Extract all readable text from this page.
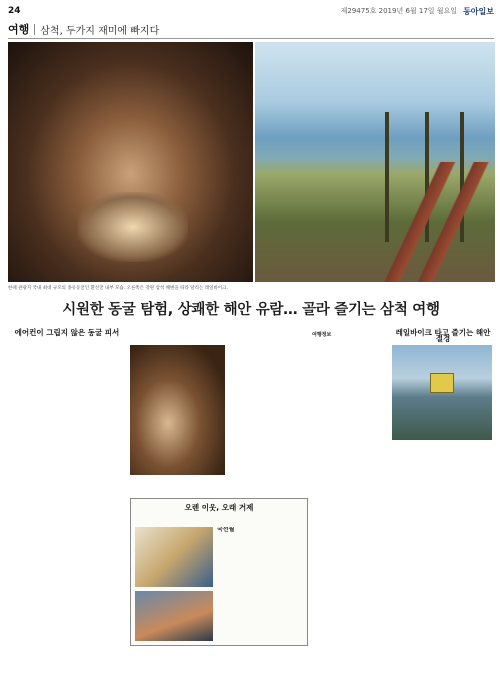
24	제29475호 2019년 6월 17일 월요일 동아일보
여행 삼척, 두가지 재미에 빠지다
한때 관광지 국내 최대 규모의 종유동굴인 환선굴 내부 모습. 오른쪽은 강원 삼척 해변을 따라 달리는 레일바이크.
시원한 동굴 탐험, 상쾌한 해안 유람… 골라 즐기는 삼척 여행
에어컨이 그립지 않은 동굴 피서
오렌 이웃, 오래 거제
국선월
여행정보	레일바이크 타고 즐기는 해안 절경
